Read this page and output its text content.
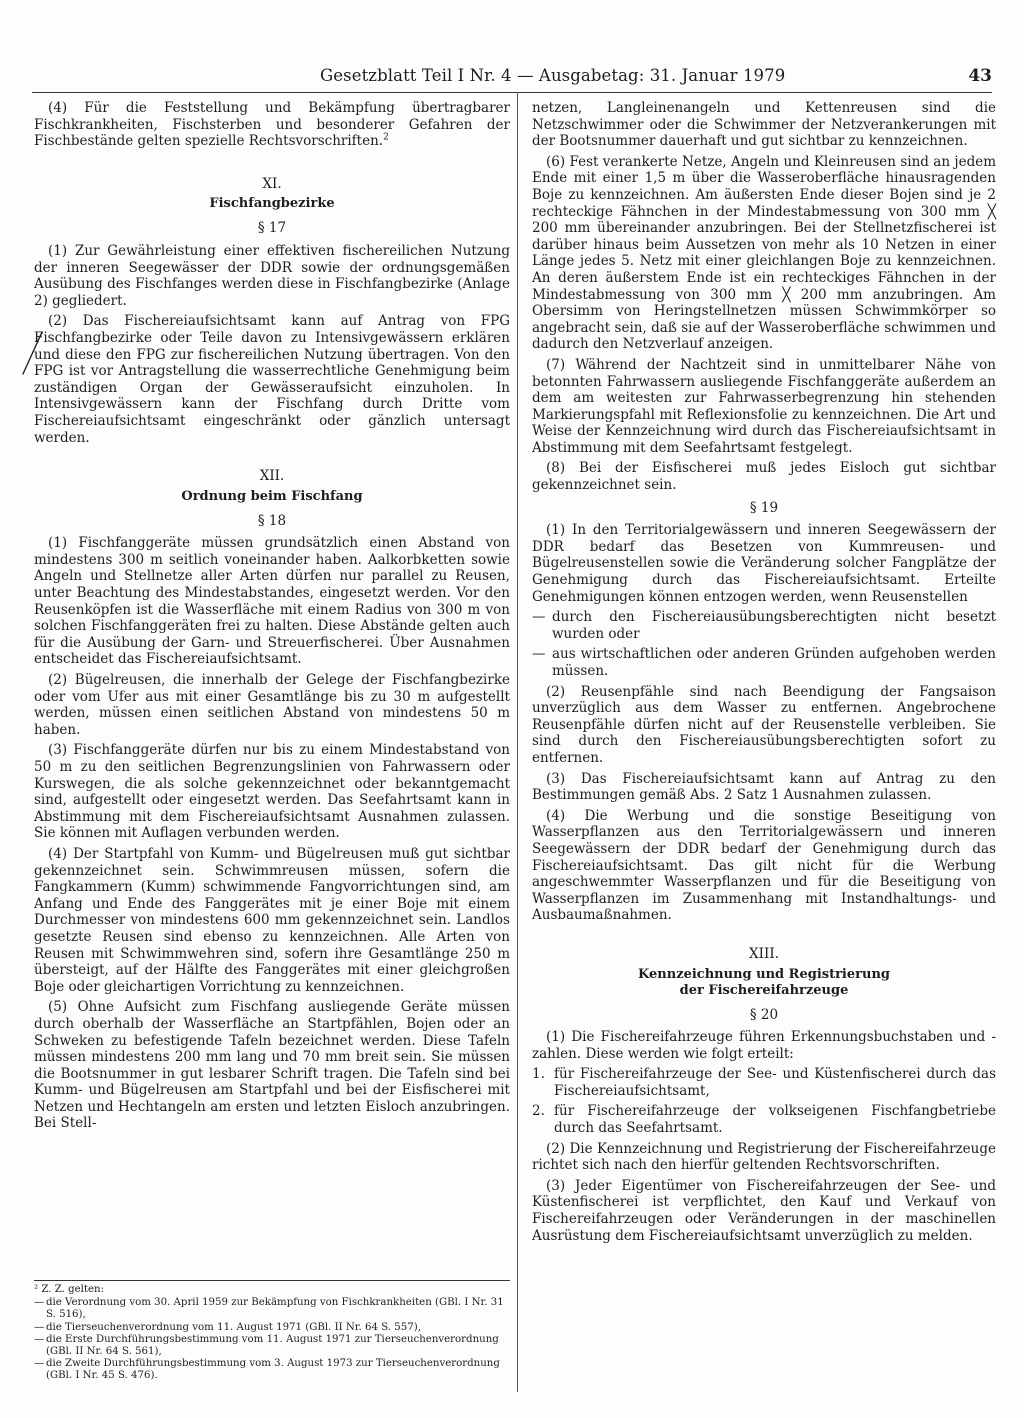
Gesetzblatt Teil I Nr. 4 — Ausgabetag: 31. Januar 1979	43

(4) Für die Feststellung und Bekämpfung übertragbarer Fischkrankheiten, Fischsterben und besonderer Gefahren der Fischbestände gelten spezielle Rechtsvorschriften.$^2$

XI.
Fischfangbezirke
§ 17

(1) Zur Gewährleistung einer effektiven fischereilichen Nutzung der inneren Seegewässer der DDR sowie der ordnungsgemäßen Ausübung des Fischfanges werden diese in Fischfangbezirke (Anlage 2) gegliedert.

(2) Das Fischereiaufsichtsamt kann auf Antrag von FPG Fischfangbezirke oder Teile davon zu Intensivgewässern erklären und diese den FPG zur fischereilichen Nutzung übertragen. Von den FPG ist vor Antragstellung die wasserrechtliche Genehmigung beim zuständigen Organ der Gewässeraufsicht einzuholen. In Intensivgewässern kann der Fischfang durch Dritte vom Fischereiaufsichtsamt eingeschränkt oder gänzlich untersagt werden.

XII.
Ordnung beim Fischfang
§ 18

(1) Fischfanggeräte müssen grundsätzlich einen Abstand von mindestens 300 m seitlich voneinander haben. Aalkorbketten sowie Angeln und Stellnetze aller Arten dürfen nur parallel zu Reusen, unter Beachtung des Mindestabstandes, eingesetzt werden. Vor den Reusenköpfen ist die Wasserfläche mit einem Radius von 300 m von solchen Fischfanggeräten frei zu halten. Diese Abstände gelten auch für die Ausübung der Garn- und Streuerfischerei. Über Ausnahmen entscheidet das Fischereiaufsichtsamt.

(2) Bügelreusen, die innerhalb der Gelege der Fischfangbezirke oder vom Ufer aus mit einer Gesamtlänge bis zu 30 m aufgestellt werden, müssen einen seitlichen Abstand von mindestens 50 m haben.

(3) Fischfanggeräte dürfen nur bis zu einem Mindestabstand von 50 m zu den seitlichen Begrenzungslinien von Fahrwassern oder Kurswegen, die als solche gekennzeichnet oder bekanntgemacht sind, aufgestellt oder eingesetzt werden. Das Seefahrtsamt kann in Abstimmung mit dem Fischereiaufsichtsamt Ausnahmen zulassen. Sie können mit Auflagen verbunden werden.

(4) Der Startpfahl von Kumm- und Bügelreusen muß gut sichtbar gekennzeichnet sein. Schwimmreusen müssen, sofern die Fangkammern (Kumm) schwimmende Fangvorrichtungen sind, am Anfang und Ende des Fanggerätes mit je einer Boje mit einem Durchmesser von mindestens 600 mm gekennzeichnet sein. Landlos gesetzte Reusen sind ebenso zu kennzeichnen. Alle Arten von Reusen mit Schwimmwehren sind, sofern ihre Gesamtlänge 250 m übersteigt, auf der Hälfte des Fanggerätes mit einer gleichgroßen Boje oder gleichartigen Vorrichtung zu kennzeichnen.

(5) Ohne Aufsicht zum Fischfang ausliegende Geräte müssen durch oberhalb der Wasserfläche an Startpfählen, Bojen oder an Schweken zu befestigende Tafeln bezeichnet werden. Diese Tafeln müssen mindestens 200 mm lang und 70 mm breit sein. Sie müssen die Bootsnummer in gut lesbarer Schrift tragen. Die Tafeln sind bei Kumm- und Bügelreusen am Startpfahl und bei der Eisfischerei mit Netzen und Hechtangeln am ersten und letzten Eisloch anzubringen. Bei Stell-

² Z. Z. gelten:
— die Verordnung vom 30. April 1959 zur Bekämpfung von Fischkrankheiten (GBl. I Nr. 31 S. 516),
— die Tierseuchenverordnung vom 11. August 1971 (GBl. II Nr. 64 S. 557),
— die Erste Durchführungsbestimmung vom 11. August 1971 zur Tierseuchenverordnung (GBl. II Nr. 64 S. 561),
— die Zweite Durchführungsbestimmung vom 3. August 1973 zur Tierseuchenverordnung (GBl. I Nr. 45 S. 476).

netzen, Langleinenangeln und Kettenreusen sind die Netzschwimmer oder die Schwimmer der Netzverankerungen mit der Bootsnummer dauerhaft und gut sichtbar zu kennzeichnen.

(6) Fest verankerte Netze, Angeln und Kleinreusen sind an jedem Ende mit einer 1,5 m über die Wasseroberfläche hinausragenden Boje zu kennzeichnen. Am äußersten Ende dieser Bojen sind je 2 rechteckige Fähnchen in der Mindestabmessung von 300 mm ╳ 200 mm übereinander anzubringen. Bei der Stellnetzfischerei ist darüber hinaus beim Aussetzen von mehr als 10 Netzen in einer Länge jedes 5. Netz mit einer gleichlangen Boje zu kennzeichnen. An deren äußerstem Ende ist ein rechteckiges Fähnchen in der Mindestabmessung von 300 mm ╳ 200 mm anzubringen. Am Obersimm von Heringstellnetzen müssen Schwimmkörper so angebracht sein, daß sie auf der Wasseroberfläche schwimmen und dadurch den Netzverlauf anzeigen.

(7) Während der Nachtzeit sind in unmittelbarer Nähe von betonnten Fahrwassern ausliegende Fischfanggeräte außerdem an dem am weitesten zur Fahrwasserbegrenzung hin stehenden Markierungspfahl mit Reflexionsfolie zu kennzeichnen. Die Art und Weise der Kennzeichnung wird durch das Fischereiaufsichtsamt in Abstimmung mit dem Seefahrtsamt festgelegt.

(8) Bei der Eisfischerei muß jedes Eisloch gut sichtbar gekennzeichnet sein.

§ 19

(1) In den Territorialgewässern und inneren Seegewässern der DDR bedarf das Besetzen von Kummreusen- und Bügelreusenstellen sowie die Veränderung solcher Fangplätze der Genehmigung durch das Fischereiaufsichtsamt. Erteilte Genehmigungen können entzogen werden, wenn Reusenstellen

— durch den Fischereiausübungsberechtigten nicht besetzt wurden oder
— aus wirtschaftlichen oder anderen Gründen aufgehoben werden müssen.

(2) Reusenpfähle sind nach Beendigung der Fangsaison unverzüglich aus dem Wasser zu entfernen. Angebrochene Reusenpfähle dürfen nicht auf der Reusenstelle verbleiben. Sie sind durch den Fischereiausübungsberechtigten sofort zu entfernen.

(3) Das Fischereiaufsichtsamt kann auf Antrag zu den Bestimmungen gemäß Abs. 2 Satz 1 Ausnahmen zulassen.

(4) Die Werbung und die sonstige Beseitigung von Wasserpflanzen aus den Territorialgewässern und inneren Seegewässern der DDR bedarf der Genehmigung durch das Fischereiaufsichtsamt. Das gilt nicht für die Werbung angeschwemmter Wasserpflanzen und für die Beseitigung von Wasserpflanzen im Zusammenhang mit Instandhaltungs- und Ausbaumaßnahmen.

XIII.
Kennzeichnung und Registrierung
der Fischereifahrzeuge
§ 20

(1) Die Fischereifahrzeuge führen Erkennungsbuchstaben und -zahlen. Diese werden wie folgt erteilt:

1. für Fischereifahrzeuge der See- und Küstenfischerei durch das Fischereiaufsichtsamt,
2. für Fischereifahrzeuge der volkseigenen Fischfangbetriebe durch das Seefahrtsamt.

(2) Die Kennzeichnung und Registrierung der Fischereifahrzeuge richtet sich nach den hierfür geltenden Rechtsvorschriften.

(3) Jeder Eigentümer von Fischereifahrzeugen der See- und Küstenfischerei ist verpflichtet, den Kauf und Verkauf von Fischereifahrzeugen oder Veränderungen in der maschinellen Ausrüstung dem Fischereiaufsichtsamt unverzüglich zu melden.
